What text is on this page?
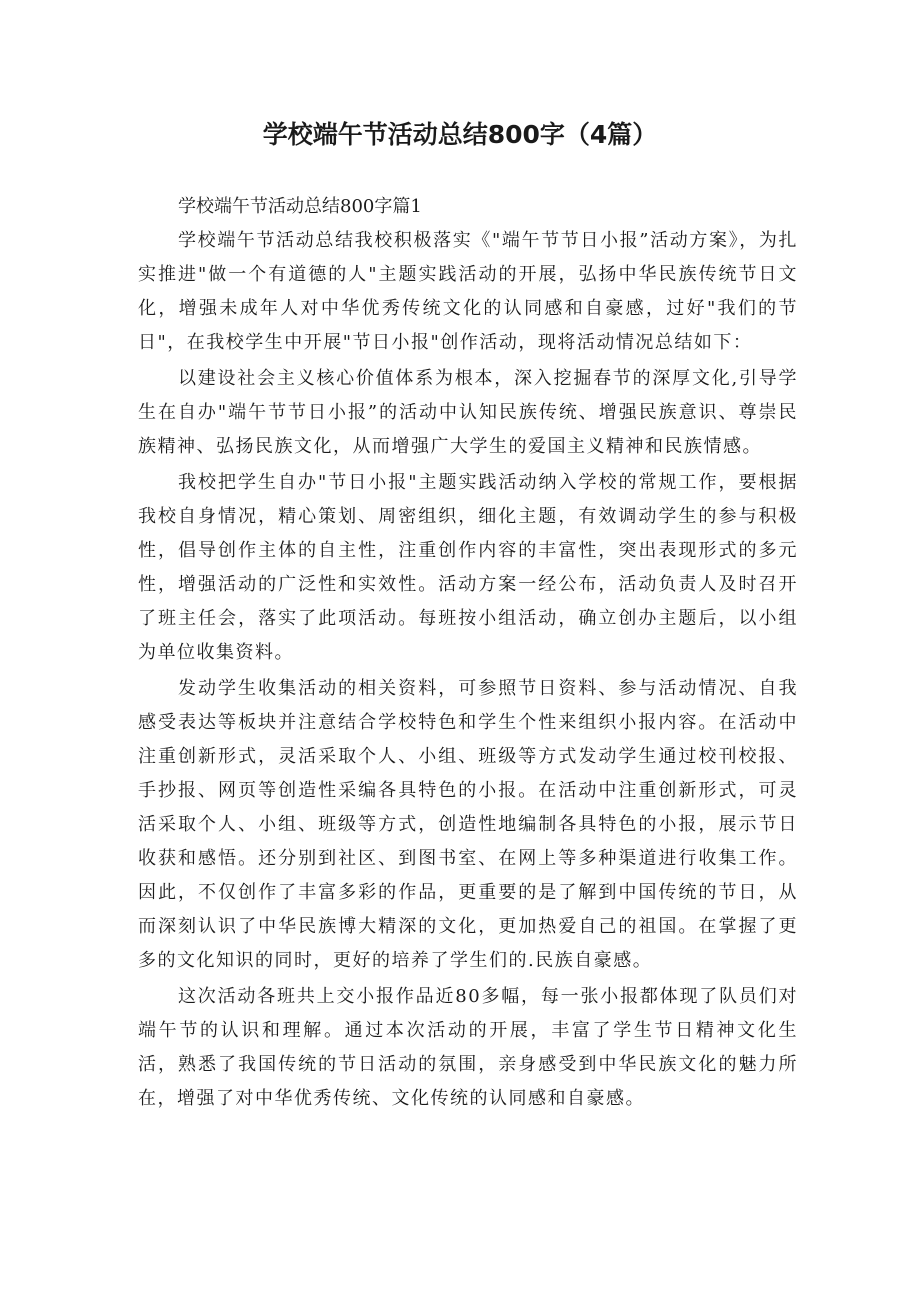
学校端午节活动总结800字（4篇）

学校端午节活动总结800字篇1

学校端午节活动总结我校积极落实《"端午节节日小报”活动方案》，为扎实推进"做一个有道德的人"主题实践活动的开展，弘扬中华民族传统节日文化，增强未成年人对中华优秀传统文化的认同感和自豪感，过好"我们的节日"，在我校学生中开展"节日小报"创作活动，现将活动情况总结如下：

以建设社会主义核心价值体系为根本，深入挖掘春节的深厚文化,引导学生在自办"端午节节日小报”的活动中认知民族传统、增强民族意识、尊崇民族精神、弘扬民族文化，从而增强广大学生的爱国主义精神和民族情感。

我校把学生自办"节日小报"主题实践活动纳入学校的常规工作，要根据我校自身情况，精心策划、周密组织，细化主题，有效调动学生的参与积极性，倡导创作主体的自主性，注重创作内容的丰富性，突出表现形式的多元性，增强活动的广泛性和实效性。活动方案一经公布，活动负责人及时召开了班主任会，落实了此项活动。每班按小组活动，确立创办主题后，以小组为单位收集资料。

发动学生收集活动的相关资料，可参照节日资料、参与活动情况、自我感受表达等板块并注意结合学校特色和学生个性来组织小报内容。在活动中注重创新形式，灵活采取个人、小组、班级等方式发动学生通过校刊校报、手抄报、网页等创造性采编各具特色的小报。在活动中注重创新形式，可灵活采取个人、小组、班级等方式，创造性地编制各具特色的小报，展示节日收获和感悟。还分别到社区、到图书室、在网上等多种渠道进行收集工作。因此，不仅创作了丰富多彩的作品，更重要的是了解到中国传统的节日，从而深刻认识了中华民族博大精深的文化，更加热爱自己的祖国。在掌握了更多的文化知识的同时，更好的培养了学生们的.民族自豪感。

这次活动各班共上交小报作品近80多幅，每一张小报都体现了队员们对端午节的认识和理解。通过本次活动的开展，丰富了学生节日精神文化生活，熟悉了我国传统的节日活动的氛围，亲身感受到中华民族文化的魅力所在，增强了对中华优秀传统、文化传统的认同感和自豪感。
